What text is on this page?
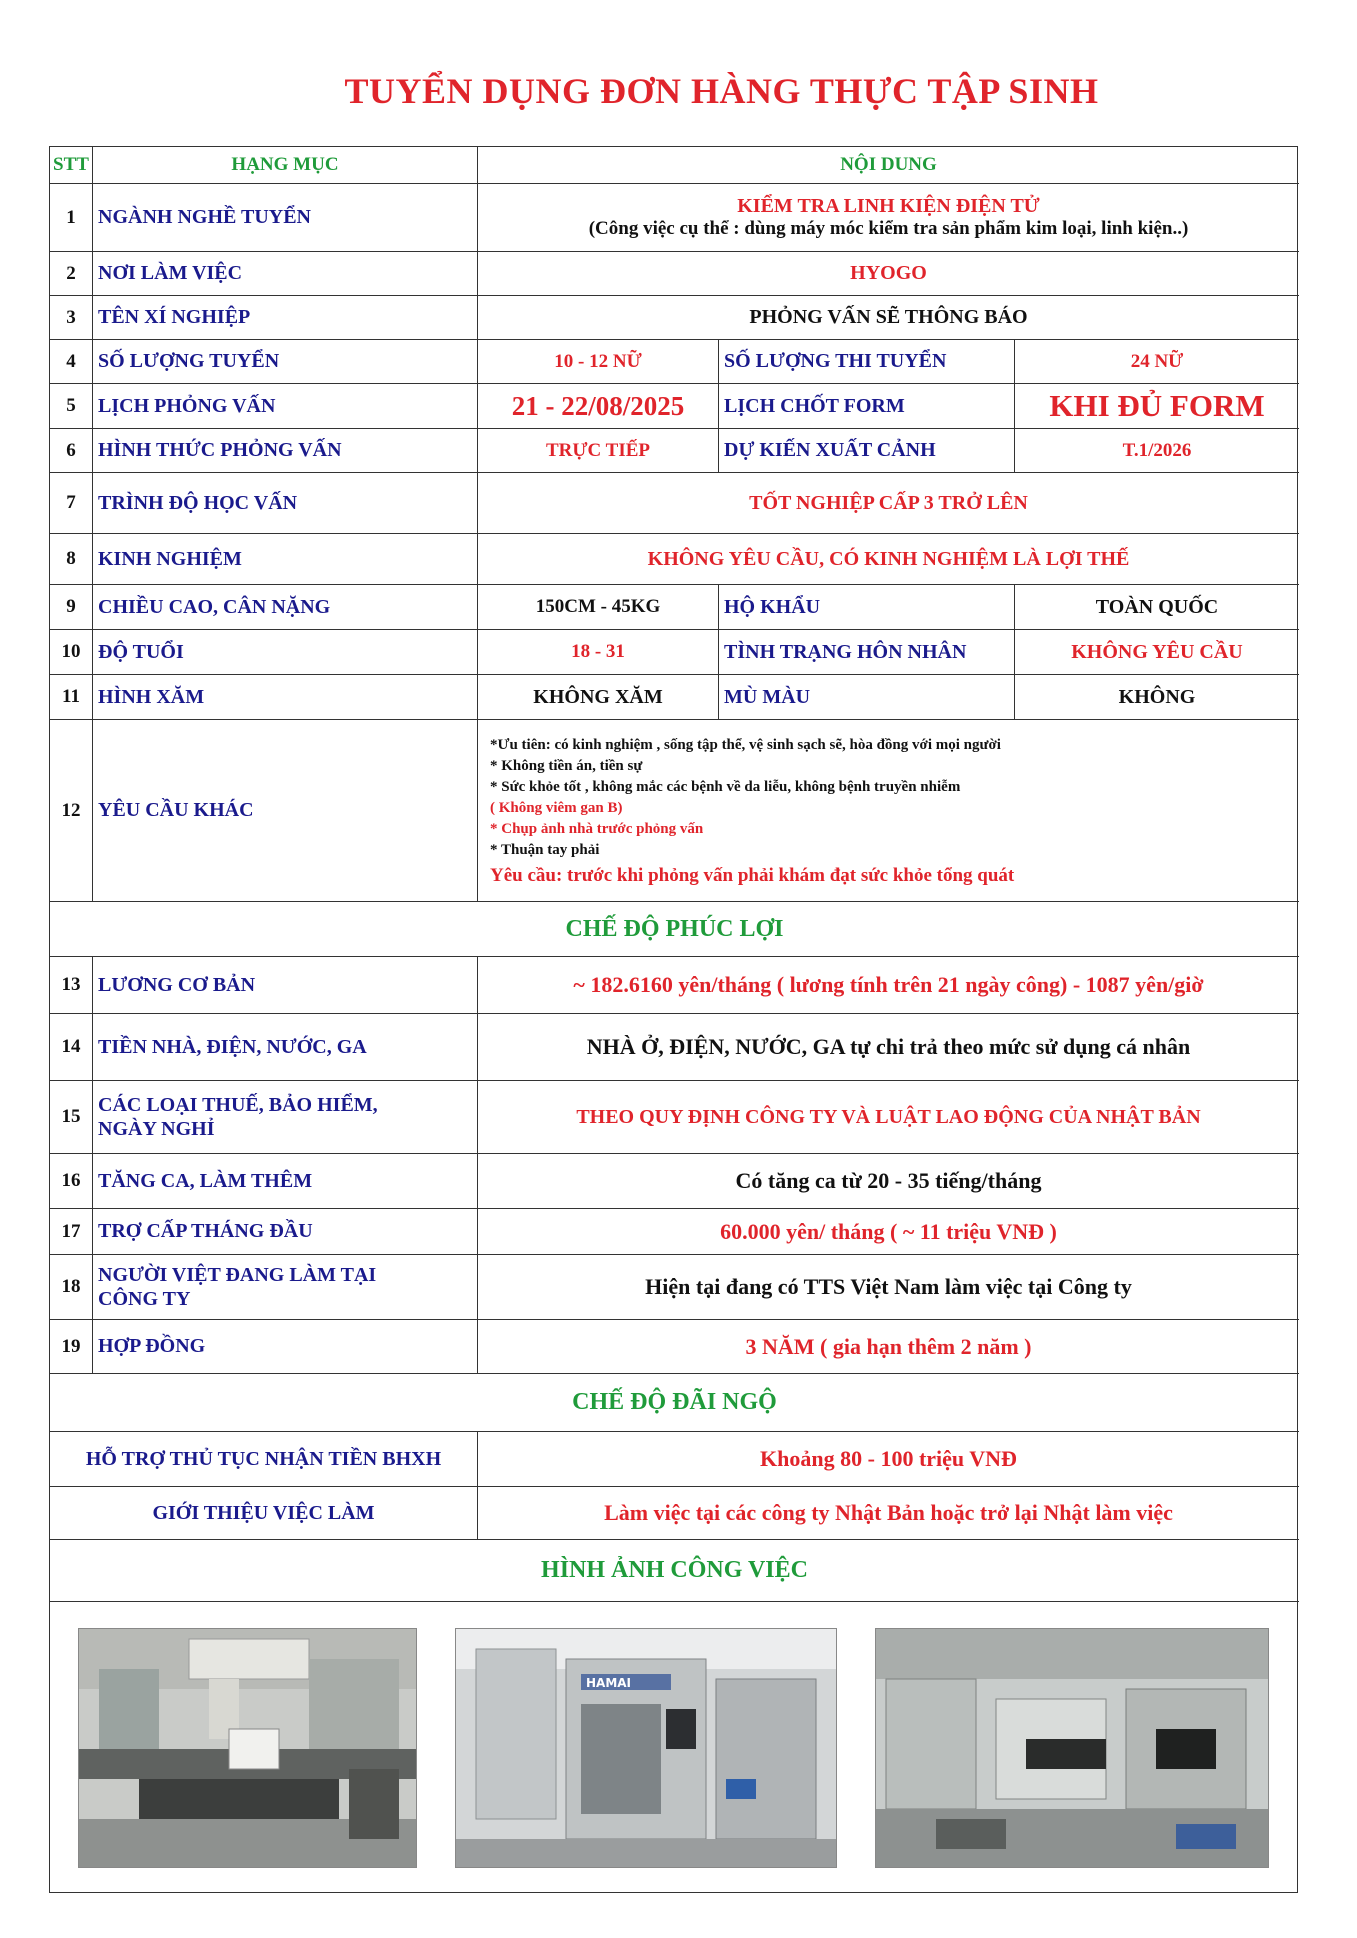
TUYỂN DỤNG ĐƠN HÀNG THỰC TẬP SINH
STT	HẠNG MỤC	NỘI DUNG
1	NGÀNH NGHỀ TUYỂN	KIỂM TRA LINH KIỆN ĐIỆN TỬ
(Công việc cụ thể : dùng máy móc kiểm tra sản phẩm kim loại, linh kiện..)
2	NƠI LÀM VIỆC	HYOGO
3	TÊN XÍ NGHIỆP	PHỎNG VẤN SẼ THÔNG BÁO
4	SỐ LƯỢNG TUYỂN	10 - 12 NỮ	SỐ LƯỢNG THI TUYỂN	24 NỮ
5	LỊCH PHỎNG VẤN	21 - 22/08/2025	LỊCH CHỐT FORM	KHI ĐỦ FORM
6	HÌNH THỨC PHỎNG VẤN	TRỰC TIẾP	DỰ KIẾN XUẤT CẢNH	T.1/2026
7	TRÌNH ĐỘ HỌC VẤN	TỐT NGHIỆP CẤP 3 TRỞ LÊN
8	KINH NGHIỆM	KHÔNG YÊU CẦU, CÓ KINH NGHIỆM LÀ LỢI THẾ
9	CHIỀU CAO, CÂN NẶNG	150CM - 45KG	HỘ KHẨU	TOÀN QUỐC
10 ĐỘ TUỔI	18 - 31	TÌNH TRẠNG HÔN NHÂN	KHÔNG YÊU CẦU
11 HÌNH XĂM	KHÔNG XĂM	MÙ MÀU	KHÔNG
12 YÊU CẦU KHÁC
*Ưu tiên: có kinh nghiệm , sống tập thể, vệ sinh sạch sẽ, hòa đồng với mọi người
* Không tiền án, tiền sự
* Sức khỏe tốt , không mắc các bệnh về da liễu, không bệnh truyền nhiễm
( Không viêm gan B)
* Chụp ảnh nhà trước phỏng vấn
* Thuận tay phải
Yêu cầu: trước khi phỏng vấn phải khám đạt sức khỏe tổng quát
CHẾ ĐỘ PHÚC LỢI
13 LƯƠNG CƠ BẢN	~ 182.6160 yên/tháng ( lương tính trên 21 ngày công) - 1087 yên/giờ
14 TIỀN NHÀ, ĐIỆN, NƯỚC, GA	NHÀ Ở, ĐIỆN, NƯỚC, GA tự chi trả theo mức sử dụng cá nhân
15
CÁC LOẠI THUẾ, BẢO HIỂM, NGÀY NGHỈ
THEO QUY ĐỊNH CÔNG TY VÀ LUẬT LAO ĐỘNG CỦA NHẬT BẢN
16 TĂNG CA, LÀM THÊM	Có tăng ca từ 20 - 35 tiếng/tháng
17 TRỢ CẤP THÁNG ĐẦU	60.000 yên/ tháng ( ~ 11 triệu VNĐ )
18
NGƯỜI VIỆT ĐANG LÀM TẠI CÔNG TY	Hiện tại đang có TTS Việt Nam làm việc tại Công ty
19 HỢP ĐỒNG	3 NĂM ( gia hạn thêm 2 năm )
CHẾ ĐỘ ĐÃI NGỘ
HỖ TRỢ THỦ TỤC NHẬN TIỀN BHXH	Khoảng 80 - 100 triệu VNĐ
GIỚI THIỆU VIỆC LÀM	Làm việc tại các công ty Nhật Bản hoặc trở lại Nhật làm việc
HÌNH ẢNH CÔNG VIỆC
HAMAI
